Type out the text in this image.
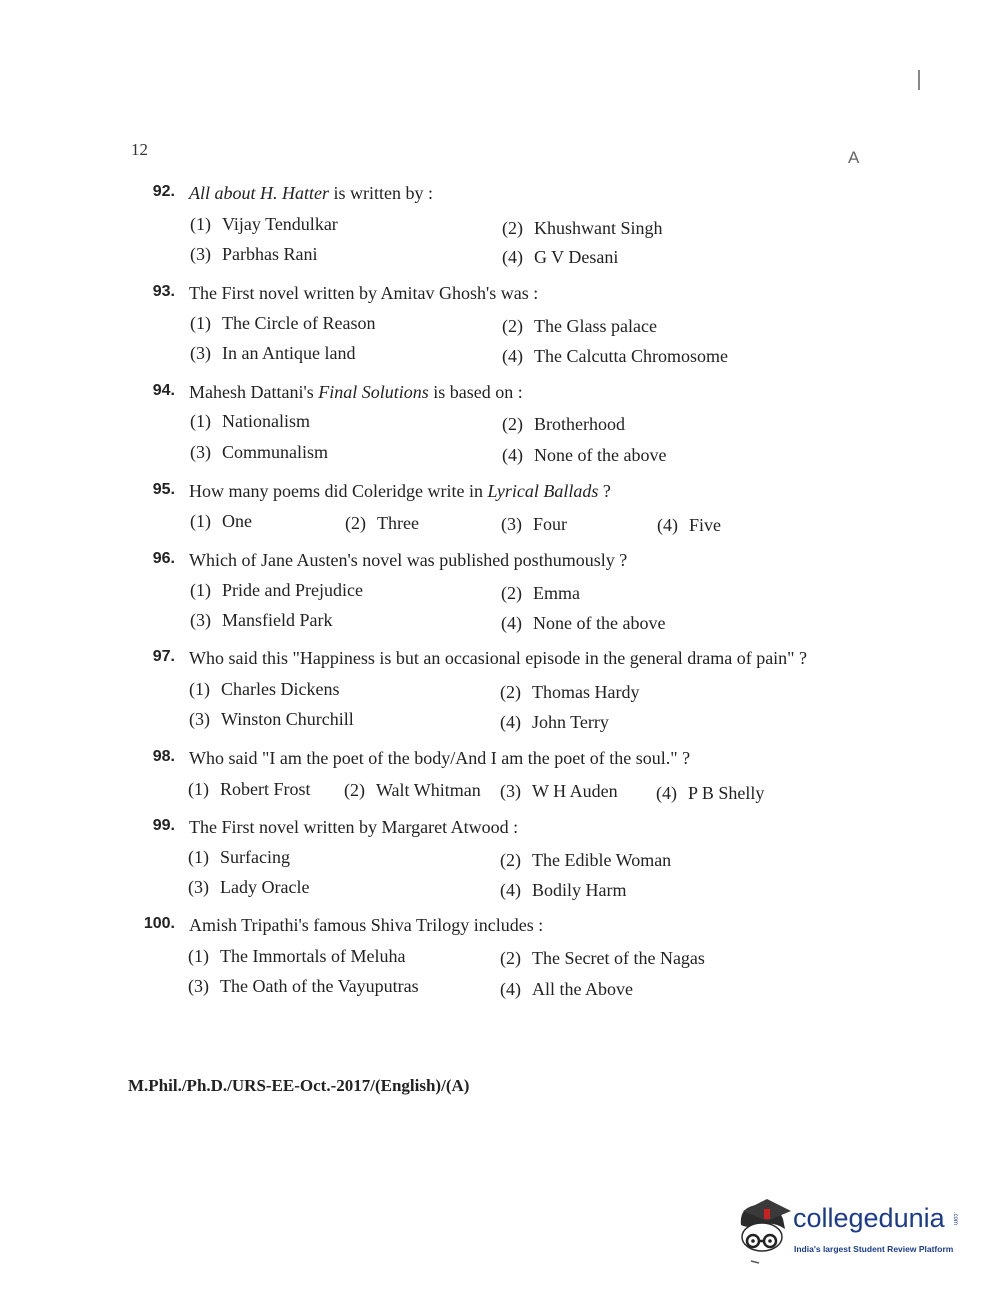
12	A
92. All about H. Hatter is written by :
(1) Vijay Tendulkar	(2) Khushwant Singh
(3) Parbhas Rani	(4) G V Desani
93. The First novel written by Amitav Ghosh's was :
(1) The Circle of Reason	(2) The Glass palace
(3) In an Antique land	(4) The Calcutta Chromosome
94. Mahesh Dattani's Final Solutions is based on :
(1) Nationalism	(2) Brotherhood
(3) Communalism	(4) None of the above
95. How many poems did Coleridge write in Lyrical Ballads ?
(1) One	(2) Three	(3) Four	(4) Five
96. Which of Jane Austen's novel was published posthumously ?
(1) Pride and Prejudice	(2) Emma
(3) Mansfield Park	(4) None of the above
97. Who said this "Happiness is but an occasional episode in the general drama of pain" ?
(1) Charles Dickens	(2) Thomas Hardy
(3) Winston Churchill	(4) John Terry
98. Who said "I am the poet of the body/And I am the poet of the soul." ?
(1) Robert Frost (2) Walt Whitman (3) W H Auden (4) P B Shelly
99. The First novel written by Margaret Atwood :
(1) Surfacing	(2) The Edible Woman
(3) Lady Oracle	(4) Bodily Harm
100. Amish Tripathi's famous Shiva Trilogy includes :
(1) The Immortals of Meluha	(2) The Secret of the Nagas
(3) The Oath of the Vayuputras	(4) All the Above
M.Phil./Ph.D./URS-EE-Oct.-2017/(English)/(A)
collegedunia .com
India's largest Student Review Platform
